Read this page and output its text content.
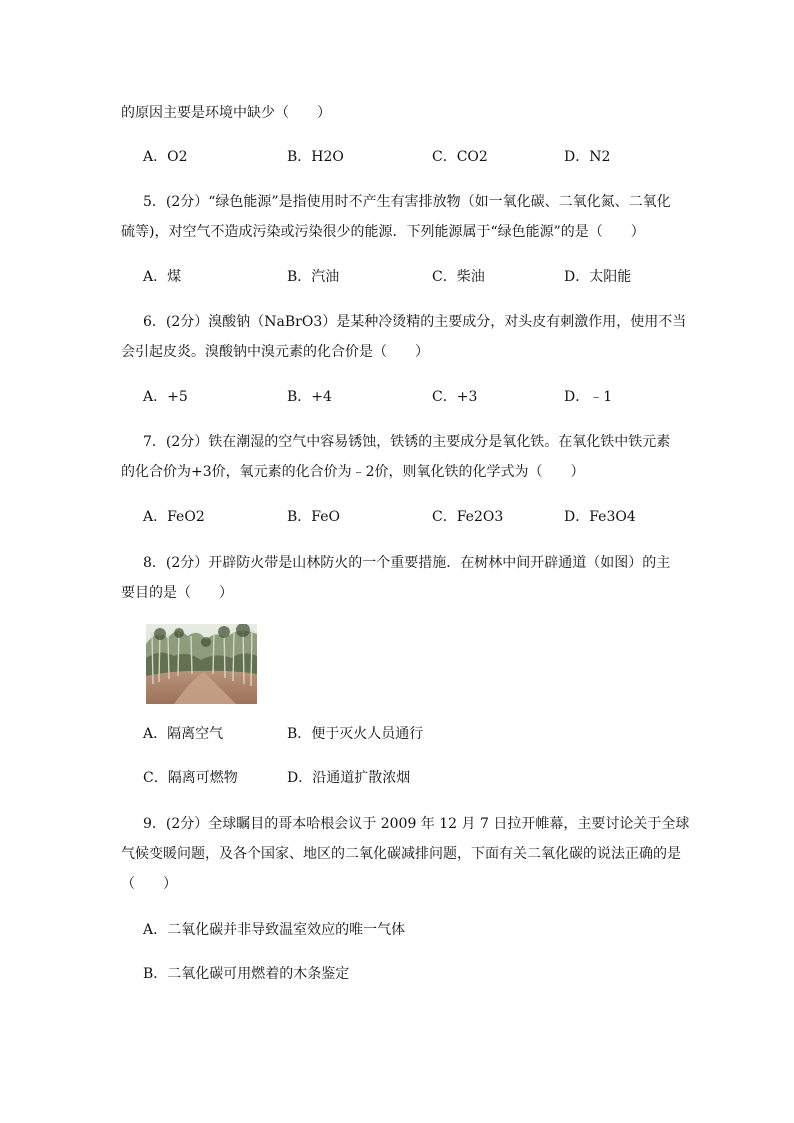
的原因主要是环境中缺少（　　）
A．O2	B．H2O	C．CO2	D．N2
5．(2分）“绿色能源”是指使用时不产生有害排放物（如一氧化碳、二氧化氮、二氧化
硫等)，对空气不造成污染或污染很少的能源．下列能源属于“绿色能源”的是（　　）
A．煤	B．汽油	C．柴油	D．太阳能
6．(2分）溴酸钠（NaBrO3）是某种冷烫精的主要成分，对头皮有刺激作用，使用不当
会引起皮炎。溴酸钠中溴元素的化合价是（　　）
A．+5	B．+4	C．+3	D．﹣1
7．(2分）铁在潮湿的空气中容易锈蚀，铁锈的主要成分是氧化铁。在氧化铁中铁元素
的化合价为+3价，氧元素的化合价为﹣2价，则氧化铁的化学式为（　　）
A．FeO2	B．FeO	C．Fe2O3	D．Fe3O4
8．(2分）开辟防火带是山林防火的一个重要措施．在树林中间开辟通道（如图）的主
要目的是（　　）
A．隔离空气	B．便于灭火人员通行
C．隔离可燃物	D．沿通道扩散浓烟
9．(2分）全球瞩目的哥本哈根会议于 2009 年 12 月 7 日拉开帷幕，主要讨论关于全球
气候变暖问题，及各个国家、地区的二氧化碳减排问题，下面有关二氧化碳的说法正确的是
（　　）
A．二氧化碳并非导致温室效应的唯一气体
B．二氧化碳可用燃着的木条鉴定
